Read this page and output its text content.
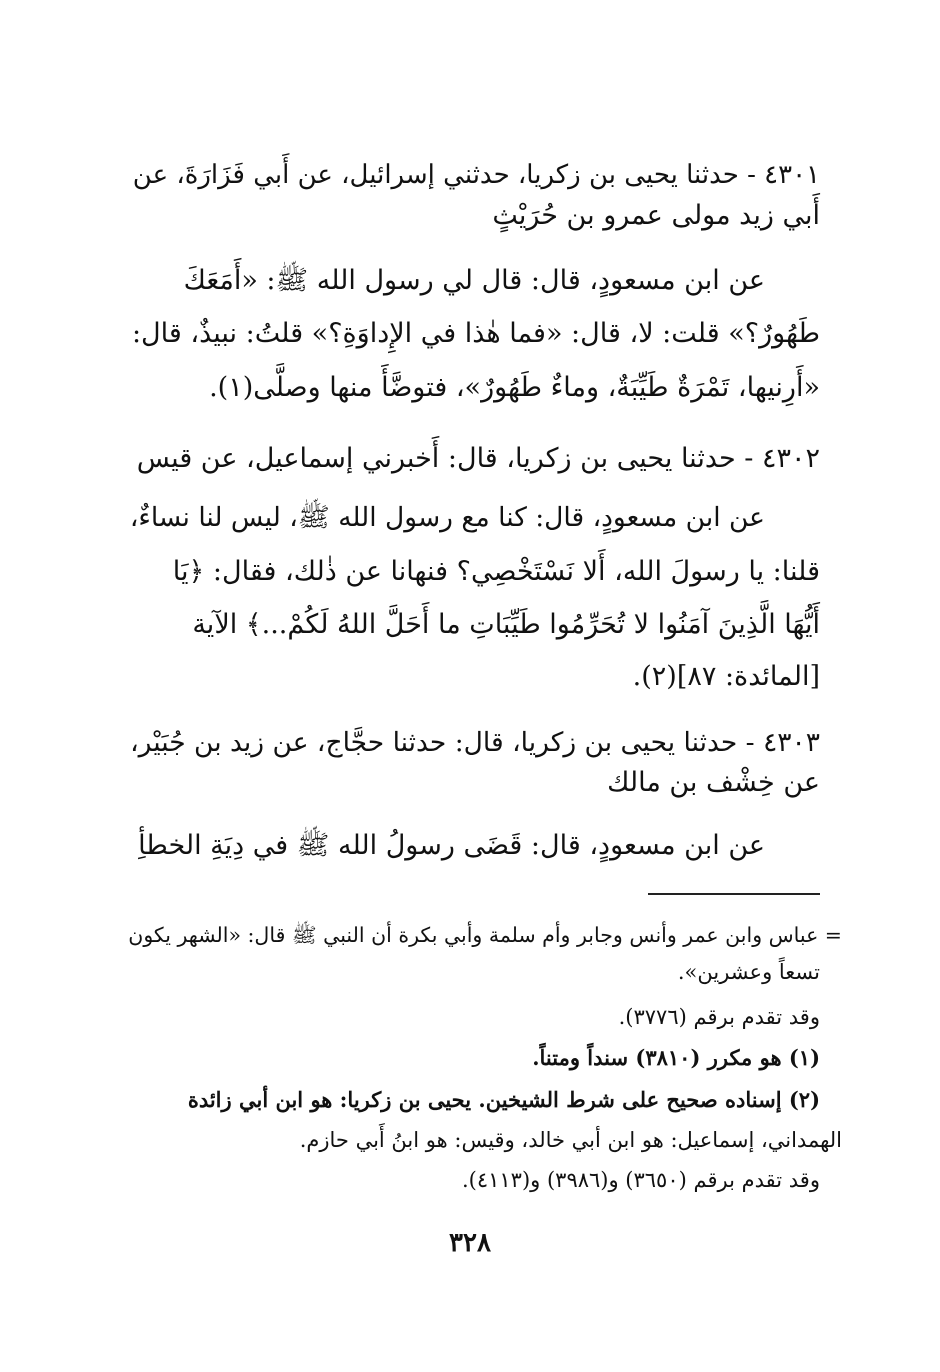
٤٣٠١ - حدثنا يحيى بن زكريا، حدثني إسرائيل، عن أَبي فَزَارَةَ، عن
أَبي زيد مولى عمرو بن حُرَيْثٍ
عن ابن مسعودٍ، قال: قال لي رسول الله ﷺ: «أَمَعَكَ
طَهُورٌ؟» قلت: لا، قال: «فما هٰذا في الإِداوَةِ؟» قلتُ: نبيذٌ، قال:
«أَرِنيها، تَمْرَةٌ طَيِّبَةٌ، وماءٌ طَهُورٌ»، فتوضَّأَ منها وصلَّى(١).
٤٣٠٢ - حدثنا يحيى بن زكريا، قال: أَخبرني إسماعيل، عن قيس
عن ابن مسعودٍ، قال: كنا مع رسول الله ﷺ، ليس لنا نساءٌ،
قلنا: يا رسولَ الله، أَلا نَسْتَخْصِي؟ فنهانا عن ذٰلك، فقال: ﴿يَا
أَيُّهَا الَّذِينَ آمَنُوا لا تُحَرِّمُوا طَيِّبَاتِ ما أَحَلَّ اللهُ لَكُمْ...﴾ الآية
[المائدة: ٨٧](٢).
٤٣٠٣ - حدثنا يحيى بن زكريا، قال: حدثنا حجَّاج، عن زيد بن جُبَيْر،
عن خِشْف بن مالك
عن ابن مسعودٍ، قال: قَضَى رسولُ الله ﷺ في دِيَةِ الخطأِ
= عباس وابن عمر وأنس وجابر وأم سلمة وأبي بكرة أن النبي ﷺ قال: «الشهر يكون
تسعاً وعشرين».
وقد تقدم برقم (٣٧٧٦).
(١) هو مكرر (٣٨١٠) سنداً ومتناً.
(٢) إسناده صحيح على شرط الشيخين. يحيى بن زكريا: هو ابن أبي زائدة
الهمداني، إسماعيل: هو ابن أبي خالد، وقيس: هو ابنُ أَبي حازم.
وقد تقدم برقم (٣٦٥٠) و(٣٩٨٦) و(٤١١٣).
٣٢٨
